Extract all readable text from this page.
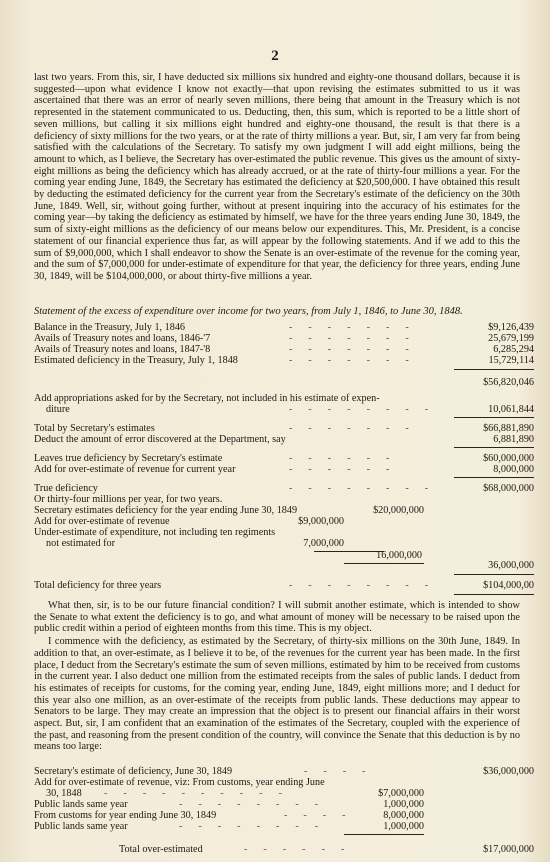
2

last two years. From this, sir, I have deducted six millions six hundred and eighty-one thousand dollars, because it is suggested—upon what evidence I know not exactly—that upon revising the estimates submitted to us it was ascertained that there was an error of nearly seven millions, there being that amount in the Treasury which is not represented in the statement communicated to us. Deducting, then, this sum, which is reported to be a little short of seven millions, but calling it six millions eight hundred and eighty-one thousand, the result is that there is a deficiency of sixty millions for the two years, or at the rate of thirty millions a year. But, sir, I am very far from being satisfied with the calculations of the Secretary. To satisfy my own judgment I will add eight millions, being the amount to which, as I believe, the Secretary has over-estimated the public revenue. This gives us the amount of sixty-eight millions as being the deficiency which has already accrued, or at the rate of thirty-four millions a year. For the coming year ending June, 1849, the Secretary has estimated the deficiency at $20,500,000. I have obtained this result by deducting the estimated deficiency for the current year from the Secretary's estimate of the deficiency on the 30th June, 1849. Well, sir, without going further, without at present inquiring into the accuracy of his estimates for the coming year—by taking the deficiency as estimated by himself, we have for the three years ending June 30, 1849, the sum of sixty-eight millions as the deficiency of our means below our expenditures. This, Mr. President, is a concise statement of our financial experience thus far, as will appear by the following statements. And if we add to this the sum of $9,000,000, which I shall endeavor to show the Senate is an over-estimate of the revenue for the coming year, and the sum of $7,000,000 for under-estimate of expenditure for that year, the deficiency for three years, ending June 30, 1849, will be $104,000,000, or about thirty-five millions a year.

Statement of the excess of expenditure over income for two years, from July 1, 1846, to June 30, 1848.
Balance in the Treasury, July 1, 1846	-------	$9,126,439
Avails of Treasury notes and loans, 1846-'7	-------	25,679,199
Avails of Treasury notes and loans, 1847-'8	-------	6,285,294
Estimated deficiency in the Treasury, July 1, 1848	-------	15,729,114
$56,820,046
Add appropriations asked for by the Secretary, not included in his estimate of expen-
diture	--------	10,061,844
Total by Secretary's estimates	-------	$66,881,890
Deduct the amount of error discovered at the Department, say	6,881,890
Leaves true deficiency by Secretary's estimate	------	$60,000,000
Add for over-estimate of revenue for current year	------	8,000,000
True deficiency	--------	$68,000,000
Or thirty-four millions per year, for two years.
Secretary estimates deficiency for the year ending June 30, 1849	$20,000,000
Add for over-estimate of revenue	$9,000,000
Under-estimate of expenditure, not including ten regiments
not estimated for	7,000,000
16,000,000
36,000,000
Total deficiency for three years	--------	$104,000,00

What then, sir, is to be our future financial condition? I will submit another estimate, which is intended to show the Senate to what extent the deficiency is to go, and what amount of money will be necessary to be raised upon the public credit within a period of eighteen months from this time. This is my object.

I commence with the deficiency, as estimated by the Secretary, of thirty-six millions on the 30th June, 1849. In addition to that, an over-estimate, as I believe it to be, of the revenues for the current year has been made. In the first place, I deduct from the Secretary's estimate the sum of seven millions, estimated by him to be received from customs in the current year. I also deduct one million from the estimated receipts from the sales of public lands. I deduct from his estimates of receipts for customs, for the coming year, ending June, 1849, eight millions more; and I deduct for this year also one million, as an over-estimate of the receipts from public lands. These deductions may appear to Senators to be large. They may create an impression that the object is to present our financial affairs in their worst aspect. But, sir, I am confident that an examination of the estimates of the Secretary, coupled with the experience of the past, and reasoning from the present condition of the country, will convince the Senate that this deduction is by no means too large:

Secretary's estimate of deficiency, June 30, 1849	----	$36,000,000
Add for over-estimate of revenue, viz: From customs, year ending June
30, 1848 ----------	$7,000,000
Public lands same year	--------	1,000,000
From customs for year ending June 30, 1849	----	8,000,000
Public lands same year	--------	1,000,000
Total over-estimated	------	$17,000,000
